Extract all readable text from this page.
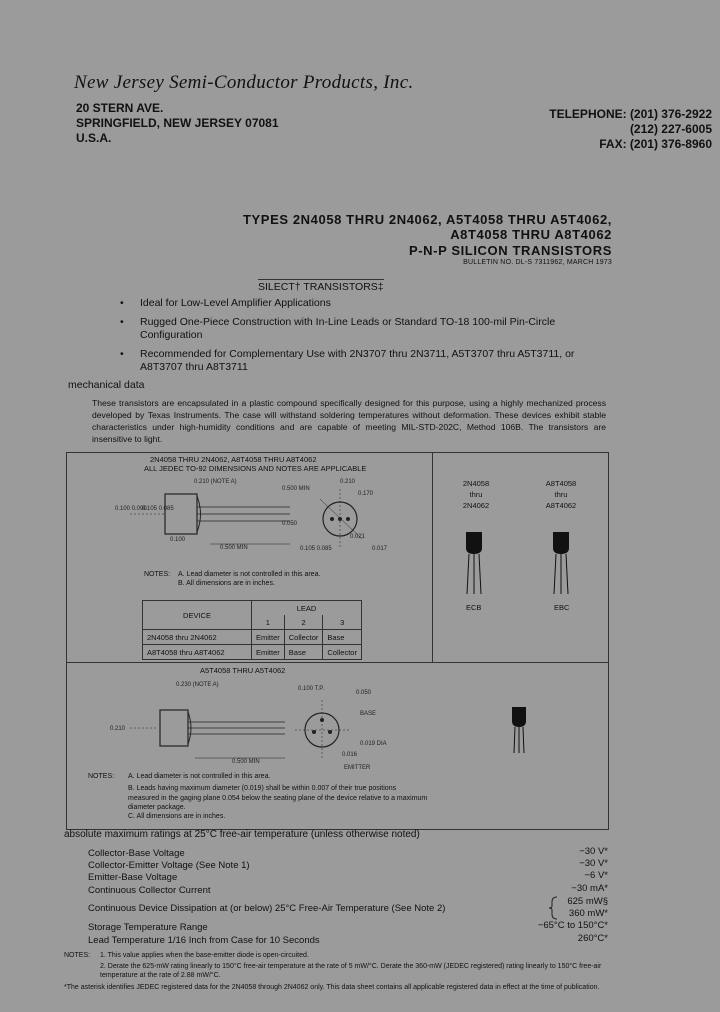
New Jersey Semi-Conductor Products, Inc.
20 STERN AVE.
SPRINGFIELD, NEW JERSEY 07081
U.S.A.
TELEPHONE: (201) 376-2922
(212) 227-6005
FAX: (201) 376-8960
TYPES 2N4058 THRU 2N4062, A5T4058 THRU A5T4062,
A8T4058 THRU A8T4062
P-N-P SILICON TRANSISTORS
BULLETIN NO. DL-S 7311962, MARCH 1973
SILECT† TRANSISTORS‡
• Ideal for Low-Level Amplifier Applications
• Rugged One-Piece Construction with In-Line Leads or Standard TO-18 100-mil Pin-Circle Configuration
• Recommended for Complementary Use with 2N3707 thru 2N3711, A5T3707 thru A5T3711, or A8T3707 thru A8T3711
mechanical data
These transistors are encapsulated in a plastic compound specifically designed for this purpose, using a highly mechanized process developed by Texas Instruments. The case will withstand soldering temperatures without deformation. These devices exhibit stable characteristics under high-humidity conditions and are capable of meeting MIL-STD-202C, Method 106B. The transistors are insensitive to light.
2N4058 THRU 2N4062, A8T4058 THRU A8T4062
ALL JEDEC TO-92 DIMENSIONS AND NOTES ARE APPLICABLE
0.210 (NOTE A)
0.500 MIN
0.100 0.090
0.105 0.085
0.210
0.170
0.100
0.500 MIN
0.050
0.105 0.085
0.021
0.017
NOTES: A. Lead diameter is not controlled in this area.
B. All dimensions are in inches.
DEVICE	LEAD		
	1	2	3
2N4058 thru 2N4062	Emitter	Collector	Base
A8T4058 thru A8T4062	Emitter	Base	Collector
2N4058
thru
2N4062
ECB
A8T4058
thru
A8T4062
EBC
A5T4058 THRU A5T4062
0.230 (NOTE A)
0.210
0.500 MIN
0.100 T.P.
0.050
BASE
0.019 DIA
0.016
EMITTER
NOTES: A. Lead diameter is not controlled in this area.
B. Leads having maximum diameter (0.019) shall be within 0.007 of their true positions measured in the gaging plane 0.054 below the seating plane of the device relative to a maximum diameter package.
C. All dimensions are in inches.
absolute maximum ratings at 25°C free-air temperature (unless otherwise noted)
Collector-Base Voltage	−30 V*
Collector-Emitter Voltage (See Note 1)	−30 V*
Emitter-Base Voltage	−6 V*
Continuous Collector Current	−30 mA*
Continuous Device Dissipation at (or below) 25°C Free-Air Temperature (See Note 2)
625 mW§
360 mW*
Storage Temperature Range	−65°C to 150°C*
Lead Temperature 1/16 Inch from Case for 10 Seconds	260°C*
NOTES: 1. This value applies when the base-emitter diode is open-circuited.
2. Derate the 625-mW rating linearly to 150°C free-air temperature at the rate of 5 mW/°C. Derate the 360-mW (JEDEC registered) rating linearly to 150°C free-air temperature at the rate of 2.88 mW/°C.
*The asterisk identifies JEDEC registered data for the 2N4058 through 2N4062 only. This data sheet contains all applicable registered data in effect at the time of publication.
